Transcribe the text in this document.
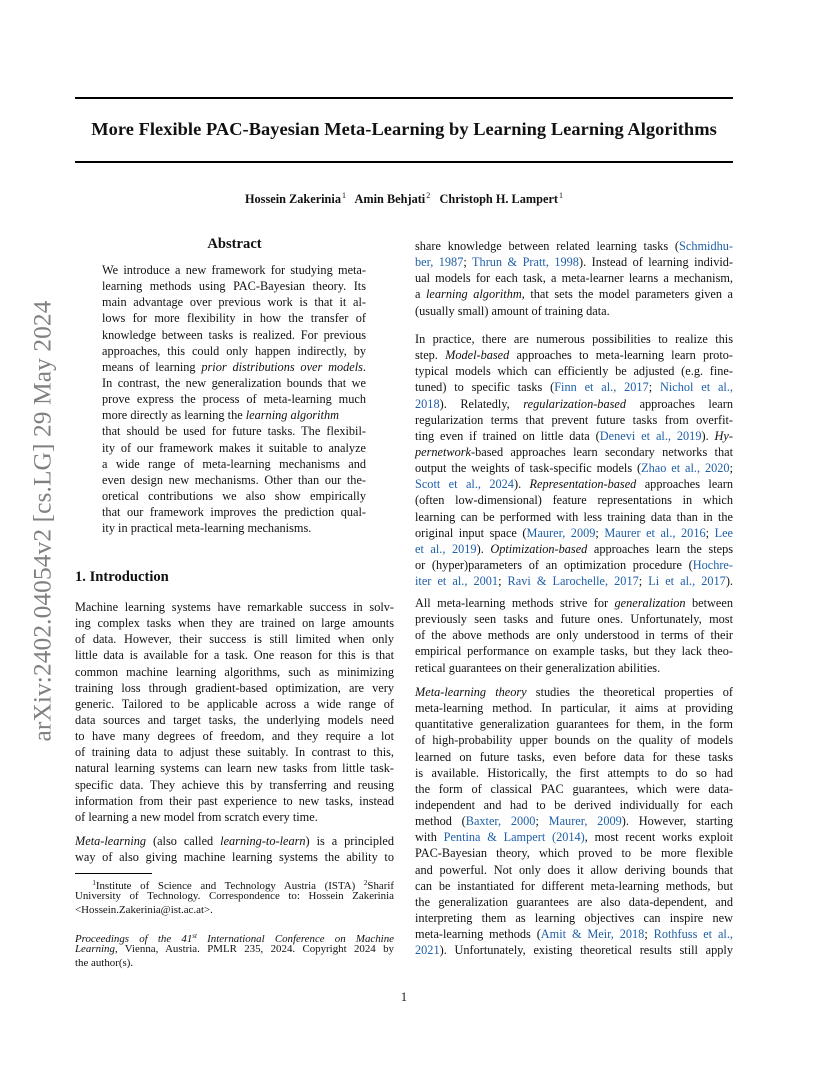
More Flexible PAC-Bayesian Meta-Learning by Learning Learning Algorithms
Hossein Zakerinia$^1$ Amin Behjati$^2$ Christoph H. Lampert$^1$
arXiv:2402.04054v2 [cs.LG] 29 May 2024
Abstract
We introduce a new framework for studying meta-
learning methods using PAC-Bayesian theory. Its
main advantage over previous work is that it al-
lows for more flexibility in how the transfer of
knowledge between tasks is realized. For previous
approaches, this could only happen indirectly, by
means of learning prior distributions over models.
In contrast, the new generalization bounds that we
prove express the process of meta-learning much
more directly as learning the learning algorithm
that should be used for future tasks. The flexibil-
ity of our framework makes it suitable to analyze
a wide range of meta-learning mechanisms and
even design new mechanisms. Other than our the-
oretical contributions we also show empirically
that our framework improves the prediction qual-
ity in practical meta-learning mechanisms.
1. Introduction
Machine learning systems have remarkable success in solv-
ing complex tasks when they are trained on large amounts
of data. However, their success is still limited when only
little data is available for a task. One reason for this is that
common machine learning algorithms, such as minimizing
training loss through gradient-based optimization, are very
generic. Tailored to be applicable across a wide range of
data sources and target tasks, the underlying models need
to have many degrees of freedom, and they require a lot
of training data to adjust these suitably. In contrast to this,
natural learning systems can learn new tasks from little task-
specific data. They achieve this by transferring and reusing
information from their past experience to new tasks, instead
of learning a new model from scratch every time.
Meta-learning (also called learning-to-learn) is a principled
way of also giving machine learning systems the ability to
$^1$Institute of Science and Technology Austria (ISTA) $^2$Sharif
University of Technology. Correspondence to: Hossein Zakerinia
<Hossein.Zakerinia@ist.ac.at>.
Proceedings of the 41st International Conference on Machine
Learning, Vienna, Austria. PMLR 235, 2024. Copyright 2024 by
the author(s).
share knowledge between related learning tasks (Schmidhu-
ber, 1987; Thrun & Pratt, 1998). Instead of learning individ-
ual models for each task, a meta-learner learns a mechanism,
a learning algorithm, that sets the model parameters given a
(usually small) amount of training data.
In practice, there are numerous possibilities to realize this
step. Model-based approaches to meta-learning learn proto-
typical models which can efficiently be adjusted (e.g. fine-
tuned) to specific tasks (Finn et al., 2017; Nichol et al.,
2018). Relatedly, regularization-based approaches learn
regularization terms that prevent future tasks from overfit-
ting even if trained on little data (Denevi et al., 2019). Hy-
pernetwork-based approaches learn secondary networks that
output the weights of task-specific models (Zhao et al., 2020;
Scott et al., 2024). Representation-based approaches learn
(often low-dimensional) feature representations in which
learning can be performed with less training data than in the
original input space (Maurer, 2009; Maurer et al., 2016; Lee
et al., 2019). Optimization-based approaches learn the steps
or (hyper)parameters of an optimization procedure (Hochre-
iter et al., 2001; Ravi & Larochelle, 2017; Li et al., 2017).
All meta-learning methods strive for generalization between
previously seen tasks and future ones. Unfortunately, most
of the above methods are only understood in terms of their
empirical performance on example tasks, but they lack theo-
retical guarantees on their generalization abilities.
Meta-learning theory studies the theoretical properties of
meta-learning method. In particular, it aims at providing
quantitative generalization guarantees for them, in the form
of high-probability upper bounds on the quality of models
learned on future tasks, even before data for these tasks
is available. Historically, the first attempts to do so had
the form of classical PAC guarantees, which were data-
independent and had to be derived individually for each
method (Baxter, 2000; Maurer, 2009). However, starting
with Pentina & Lampert (2014), most recent works exploit
PAC-Bayesian theory, which proved to be more flexible
and powerful. Not only does it allow deriving bounds that
can be instantiated for different meta-learning methods, but
the generalization guarantees are also data-dependent, and
interpreting them as learning objectives can inspire new
meta-learning methods (Amit & Meir, 2018; Rothfuss et al.,
2021). Unfortunately, existing theoretical results still apply
1
